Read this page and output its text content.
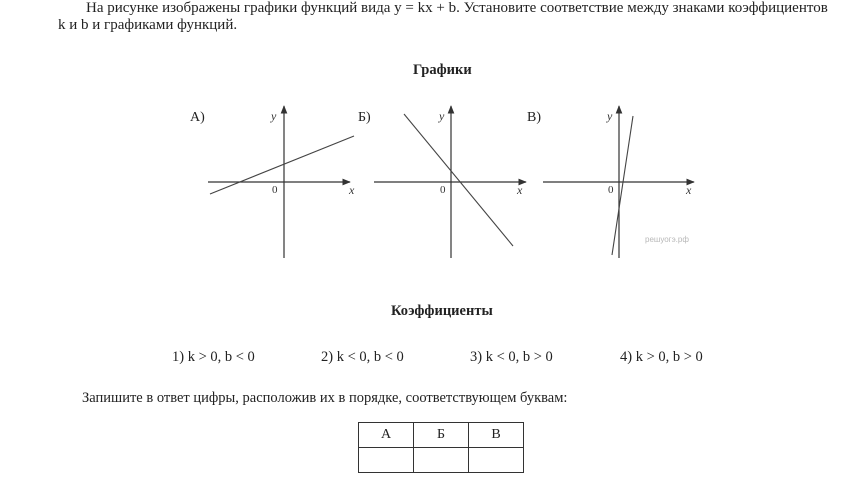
На рисунке изображены графики функций вида y = kx + b. Установите соответствие между знаками коэффициентов
k и b и графиками функций.
Графики
А)
x
y
0
Б)
x
y
0
В)
x
y
0
решуогэ.рф
Коэффициенты
1) k > 0, b < 0	2) k < 0, b < 0	3) k < 0, b > 0	4) k > 0, b > 0
Запишите в ответ цифры, расположив их в порядке, соответствующем буквам:
А	Б	В
